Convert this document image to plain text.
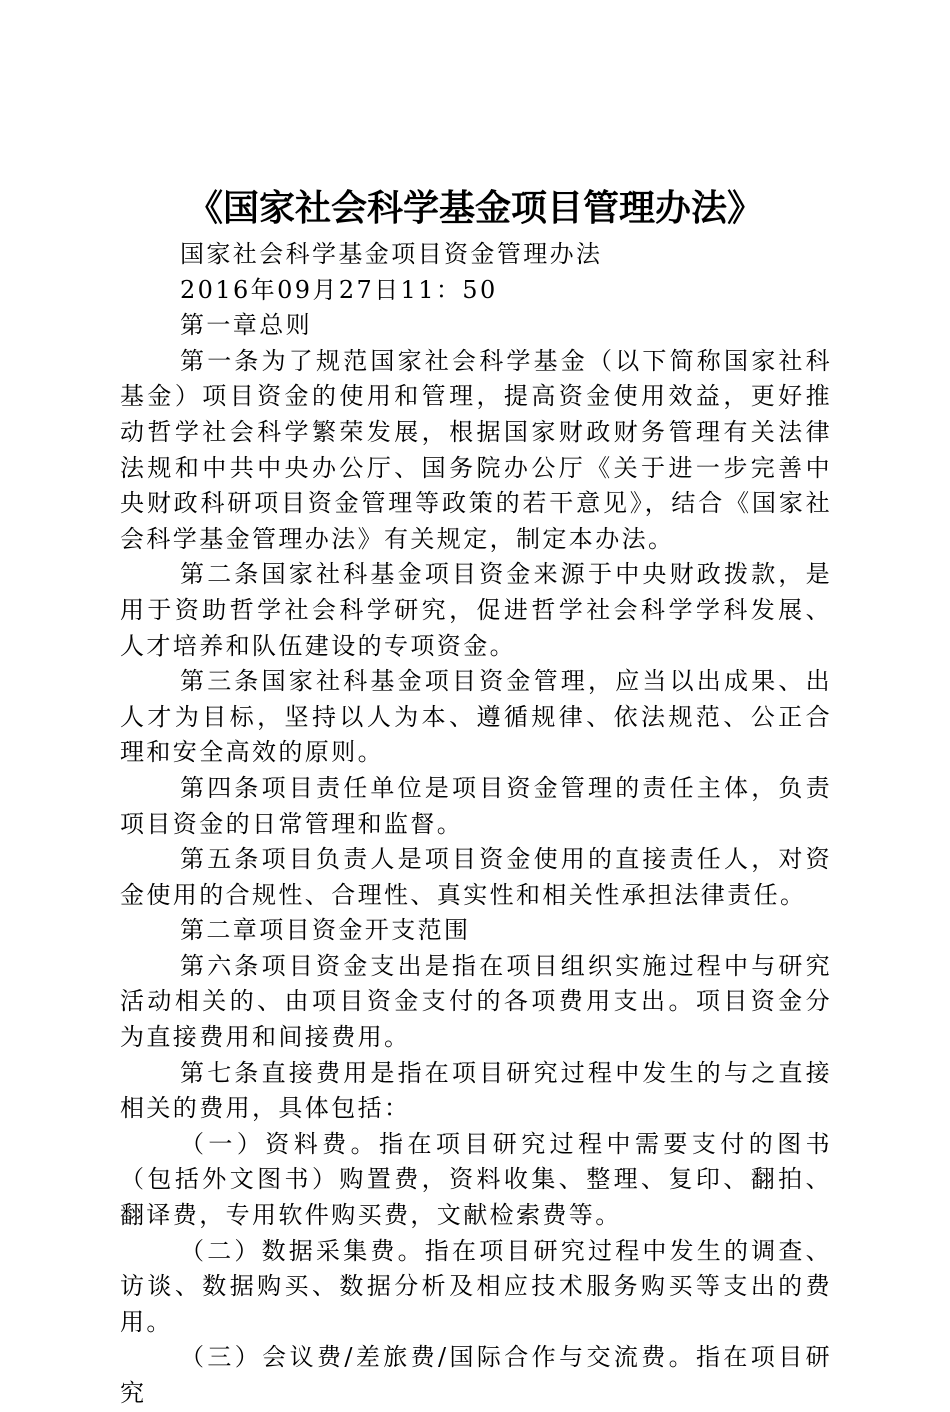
《国家社会科学基金项目管理办法》

国家社会科学基金项目资金管理办法

2016年09月27日11：50

第一章总则

第一条为了规范国家社会科学基金（以下简称国家社科基金）项目资金的使用和管理，提高资金使用效益，更好推动哲学社会科学繁荣发展，根据国家财政财务管理有关法律法规和中共中央办公厅、国务院办公厅《关于进一步完善中央财政科研项目资金管理等政策的若干意见》，结合《国家社会科学基金管理办法》有关规定，制定本办法。

第二条国家社科基金项目资金来源于中央财政拨款，是用于资助哲学社会科学研究，促进哲学社会科学学科发展、人才培养和队伍建设的专项资金。

第三条国家社科基金项目资金管理，应当以出成果、出人才为目标，坚持以人为本、遵循规律、依法规范、公正合理和安全高效的原则。

第四条项目责任单位是项目资金管理的责任主体，负责项目资金的日常管理和监督。

第五条项目负责人是项目资金使用的直接责任人，对资金使用的合规性、合理性、真实性和相关性承担法律责任。

第二章项目资金开支范围

第六条项目资金支出是指在项目组织实施过程中与研究活动相关的、由项目资金支付的各项费用支出。项目资金分为直接费用和间接费用。

第七条直接费用是指在项目研究过程中发生的与之直接相关的费用，具体包括：

（一）资料费。指在项目研究过程中需要支付的图书（包括外文图书）购置费，资料收集、整理、复印、翻拍、翻译费，专用软件购买费，文献检索费等。

（二）数据采集费。指在项目研究过程中发生的调查、访谈、数据购买、数据分析及相应技术服务购买等支出的费用。

（三）会议费/差旅费/国际合作与交流费。指在项目研究
